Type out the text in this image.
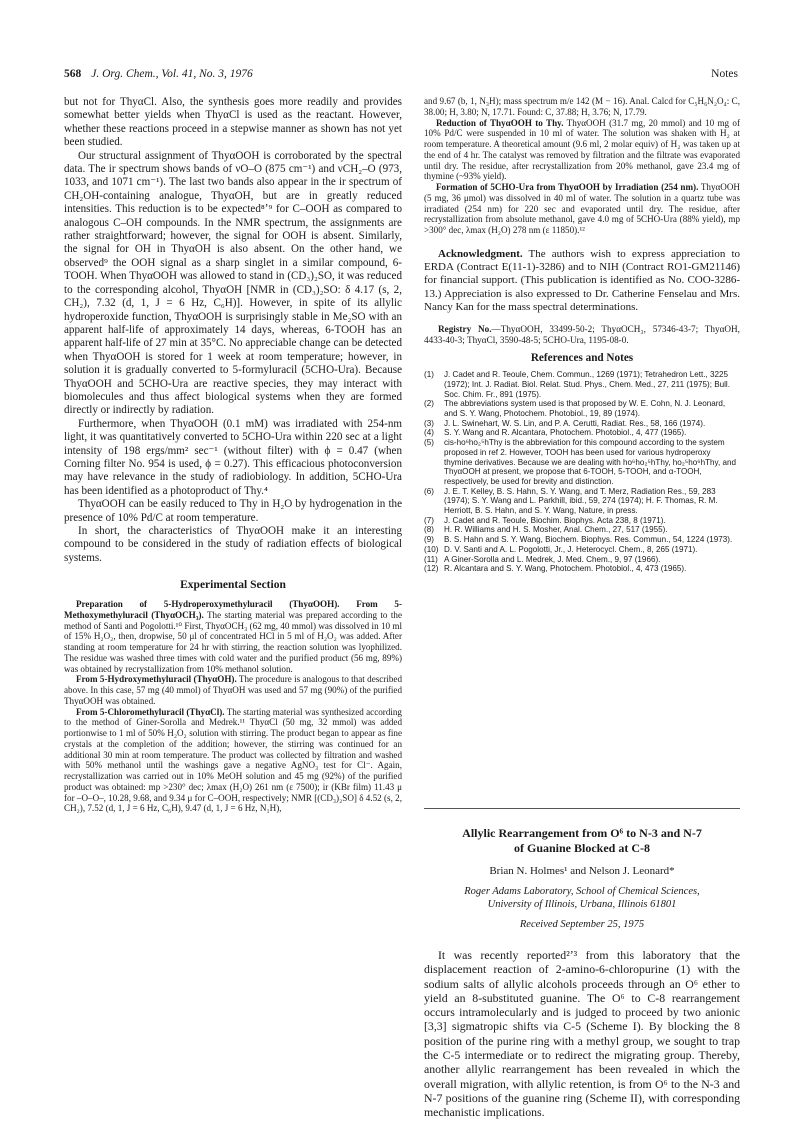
568 J. Org. Chem., Vol. 41, No. 3, 1976	Notes

but not for ThyαCl. Also, the synthesis goes more readily and provides somewhat better yields when ThyαCl is used as the reactant. However, whether these reactions proceed in a stepwise manner as shown has not yet been studied.

Our structural assignment of ThyαOOH is corroborated by the spectral data. The ir spectrum shows bands of νO–O (875 cm⁻¹) and νCH₂–O (973, 1033, and 1071 cm⁻¹). The last two bands also appear in the ir spectrum of CH₂OH-containing analogue, ThyαOH, but are in greatly reduced intensities. This reduction is to be expected⁸ʼ⁹ for C–OOH as compared to analogous C–OH compounds. In the NMR spectrum, the assignments are rather straightforward; however, the signal for OOH is absent. Similarly, the signal for OH in ThyαOH is also absent. On the other hand, we observed⁹ the OOH signal as a sharp singlet in a similar compound, 6-TOOH. When ThyαOOH was allowed to stand in (CD₃)₂SO, it was reduced to the corresponding alcohol, ThyαOH [NMR in (CD₃)₂SO: δ 4.17 (s, 2, CH₂), 7.32 (d, 1, J = 6 Hz, C₆H)]. However, in spite of its allylic hydroperoxide function, ThyαOOH is surprisingly stable in Me₂SO with an apparent half-life of approximately 14 days, whereas, 6-TOOH has an apparent half-life of 27 min at 35°C. No appreciable change can be detected when ThyαOOH is stored for 1 week at room temperature; however, in solution it is gradually converted to 5-formyluracil (5CHO-Ura). Because ThyαOOH and 5CHO-Ura are reactive species, they may interact with biomolecules and thus affect biological systems when they are formed directly or indirectly by radiation.

Furthermore, when ThyαOOH (0.1 mM) was irradiated with 254-nm light, it was quantitatively converted to 5CHO-Ura within 220 sec at a light intensity of 198 ergs/mm² sec⁻¹ (without filter) with ϕ = 0.47 (when Corning filter No. 954 is used, ϕ = 0.27). This efficacious photoconversion may have relevance in the study of radiobiology. In addition, 5CHO-Ura has been identified as a photoproduct of Thy.⁴

ThyαOOH can be easily reduced to Thy in H₂O by hydrogenation in the presence of 10% Pd/C at room temperature.

In short, the characteristics of ThyαOOH make it an interesting compound to be considered in the study of radiation effects of biological systems.

Experimental Section

Preparation of 5-Hydroperoxymethyluracil (ThyαOOH). From 5-Methoxymethyluracil (ThyαOCH₃). The starting material was prepared according to the method of Santi and Pogolotti.¹⁰ First, ThyαOCH₃ (62 mg, 40 mmol) was dissolved in 10 ml of 15% H₂O₂, then, dropwise, 50 μl of concentrated HCl in 5 ml of H₂O₂ was added. After standing at room temperature for 24 hr with stirring, the reaction solution was lyophilized. The residue was washed three times with cold water and the purified product (56 mg, 89%) was obtained by recrystallization from 10% methanol solution.

From 5-Hydroxymethyluracil (ThyαOH). The procedure is analogous to that described above. In this case, 57 mg (40 mmol) of ThyαOH was used and 57 mg (90%) of the purified ThyαOOH was obtained.

From 5-Chloromethyluracil (ThyαCl). The starting material was synthesized according to the method of Giner-Sorolla and Medrek.¹¹ ThyαCl (50 mg, 32 mmol) was added portionwise to 1 ml of 50% H₂O₂ solution with stirring. The product began to appear as fine crystals at the completion of the addition; however, the stirring was continued for an additional 30 min at room temperature. The product was collected by filtration and washed with 50% methanol until the washings gave a negative AgNO₃ test for Cl⁻. Again, recrystallization was carried out in 10% MeOH solution and 45 mg (92%) of the purified product was obtained: mp >230° dec; λmax (H₂O) 261 nm (ε 7500); ir (KBr film) 11.43 μ for –O–O–, 10.28, 9.68, and 9.34 μ for C–OOH, respectively; NMR [(CD₃)₂SO] δ 4.52 (s, 2, CH₂), 7.52 (d, 1, J = 6 Hz, C₆H), 9.47 (d, 1, J = 6 Hz, N₁H),

and 9.67 (b, 1, N₃H); mass spectrum m/e 142 (M − 16). Anal. Calcd for C₅H₆N₂O₄: C, 38.00; H, 3.80; N, 17.71. Found: C, 37.88; H, 3.76; N, 17.79.

Reduction of ThyαOOH to Thy. ThyαOOH (31.7 mg, 20 mmol) and 10 mg of 10% Pd/C were suspended in 10 ml of water. The solution was shaken with H₂ at room temperature. A theoretical amount (9.6 ml, 2 molar equiv) of H₂ was taken up at the end of 4 hr. The catalyst was removed by filtration and the filtrate was evaporated until dry. The residue, after recrystallization from 20% methanol, gave 23.4 mg of thymine (~93% yield).

Formation of 5CHO-Ura from ThyαOOH by Irradiation (254 nm). ThyαOOH (5 mg, 36 μmol) was dissolved in 40 ml of water. The solution in a quartz tube was irradiated (254 nm) for 220 sec and evaporated until dry. The residue, after recrystallization from absolute methanol, gave 4.0 mg of 5CHO-Ura (88% yield), mp >300° dec, λmax (H₂O) 278 nm (ε 11850).¹²

Acknowledgment. The authors wish to express appreciation to ERDA (Contract E(11-1)-3286) and to NIH (Contract RO1-GM21146) for financial support. (This publication is identified as No. COO-3286-13.) Appreciation is also expressed to Dr. Catherine Fenselau and Mrs. Nancy Kan for the mass spectral determinations.

Registry No.—ThyαOOH, 33499-50-2; ThyαOCH₃, 57346-43-7; ThyαOH, 4433-40-3; ThyαCl, 3590-48-5; 5CHO-Ura, 1195-08-0.

References and Notes
(1)	J. Cadet and R. Teoule, Chem. Commun., 1269 (1971); Tetrahedron Lett., 3225 (1972); Int. J. Radiat. Biol. Relat. Stud. Phys., Chem. Med., 27, 211 (1975); Bull. Soc. Chim. Fr., 891 (1975).
(2)	The abbreviations system used is that proposed by W. E. Cohn, N. J. Leonard, and S. Y. Wang, Photochem. Photobiol., 19, 89 (1974).
(3)	J. L. Swinehart, W. S. Lin, and P. A. Cerutti, Radiat. Res., 58, 166 (1974).
(4)	S. Y. Wang and R. Alcantara, Photochem. Photobiol., 4, 477 (1965).
(5)	cis-ho⁶ho₂⁵hThy is the abbreviation for this compound according to the system proposed in ref 2. However, TOOH has been used for various hydroperoxy thymine derivatives. Because we are dealing with ho⁶ho₂⁵hThy, ho₂⁵ho⁶hThy, and ThyαOOH at present, we propose that 6-TOOH, 5-TOOH, and α-TOOH, respectively, be used for brevity and distinction.
(6)	J. E. T. Kelley, B. S. Hahn, S. Y. Wang, and T. Merz, Radiation Res., 59, 283 (1974); S. Y. Wang and L. Parkhill, ibid., 59, 274 (1974); H. F. Thomas, R. M. Herriott, B. S. Hahn, and S. Y. Wang, Nature, in press.
(7)	J. Cadet and R. Teoule, Biochim. Biophys. Acta 238, 8 (1971).
(8)	H. R. Williams and H. S. Mosher, Anal. Chem., 27, 517 (1955).
(9)	B. S. Hahn and S. Y. Wang, Biochem. Biophys. Res. Commun., 54, 1224 (1973).
(10) D. V. Santi and A. L. Pogolotti, Jr., J. Heterocycl. Chem., 8, 265 (1971).
(11) A Giner-Sorolla and L. Medrek, J. Med. Chem., 9, 97 (1966).
(12) R. Alcantara and S. Y. Wang, Photochem. Photobiol., 4, 473 (1965).
Allylic Rearrangement from O⁶ to N-3 and N-7
of Guanine Blocked at C-8
Brian N. Holmes¹ and Nelson J. Leonard*
Roger Adams Laboratory, School of Chemical Sciences,
University of Illinois, Urbana, Illinois 61801
Received September 25, 1975

It was recently reported²ʼ³ from this laboratory that the displacement reaction of 2-amino-6-chloropurine (1) with the sodium salts of allylic alcohols proceeds through an O⁶ ether to yield an 8-substituted guanine. The O⁶ to C-8 rearrangement occurs intramolecularly and is judged to proceed by two anionic [3,3] sigmatropic shifts via C-5 (Scheme I). By blocking the 8 position of the purine ring with a methyl group, we sought to trap the C-5 intermediate or to redirect the migrating group. Thereby, another allylic rearrangement has been revealed in which the overall migration, with allylic retention, is from O⁶ to the N-3 and N-7 positions of the guanine ring (Scheme II), with corresponding mechanistic implications.
